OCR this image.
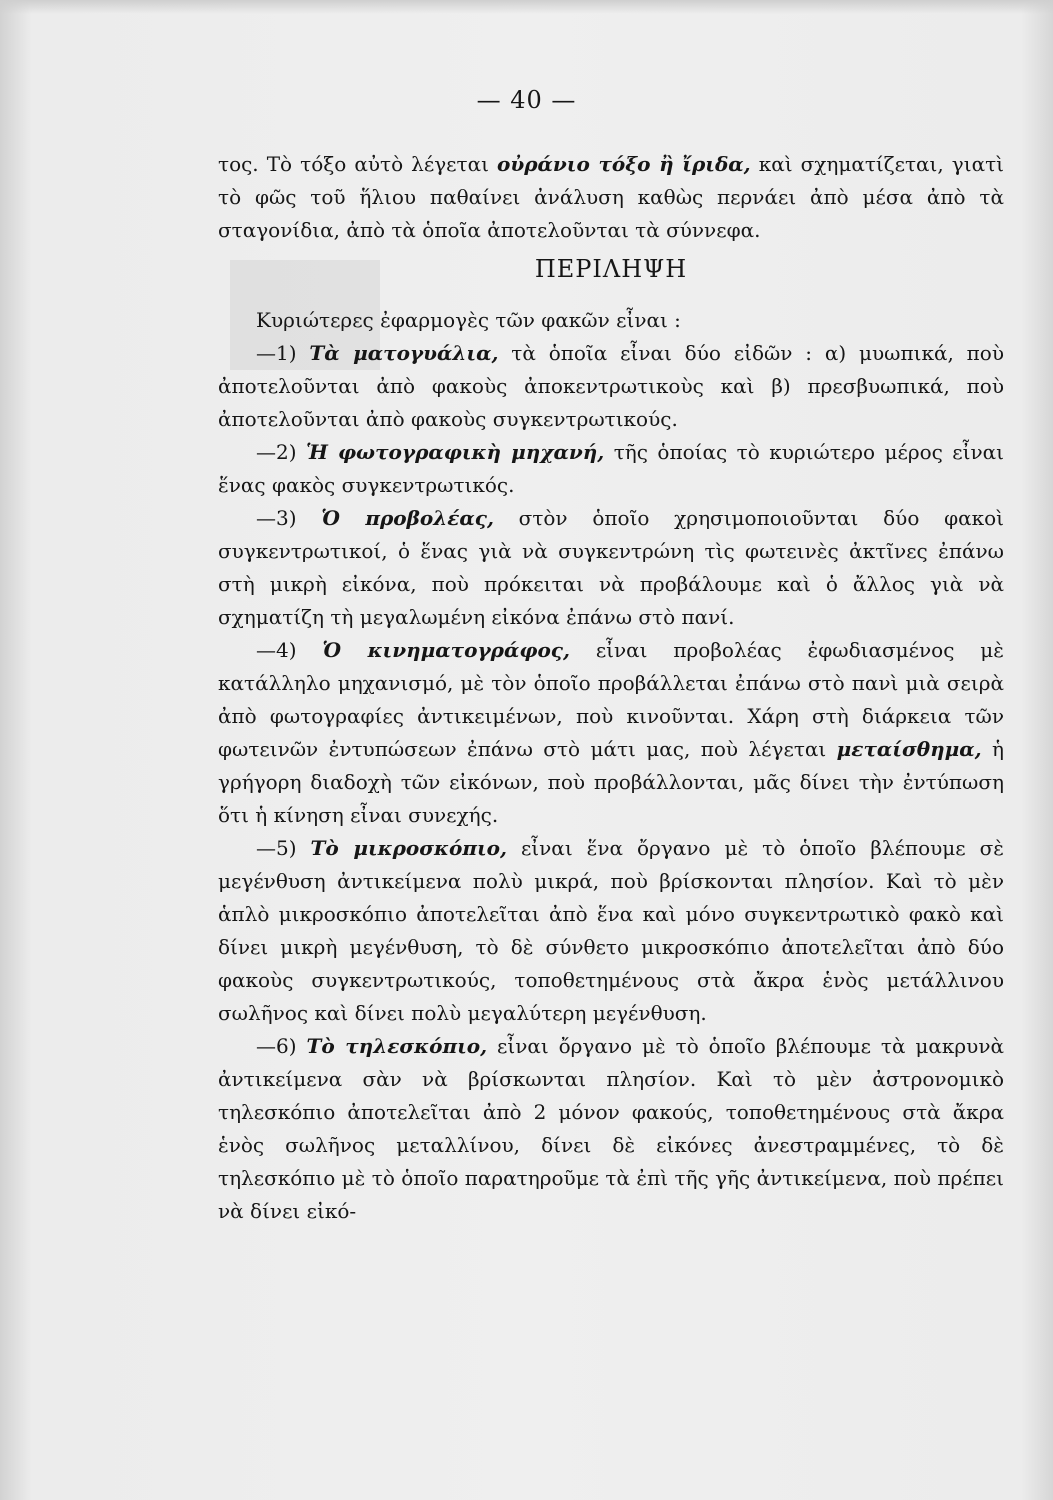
— 40 —

τος. Τὸ τόξο αὐτὸ λέγεται οὐράνιο τόξο ἢ ἴριδα, καὶ σχηματίζεται, γιατὶ τὸ φῶς τοῦ ἥλιου παθαίνει ἀνάλυση καθὼς περνάει ἀπὸ μέσα ἀπὸ τὰ σταγονίδια, ἀπὸ τὰ ὁποῖα ἀποτελοῦνται τὰ σύννεφα.

ΠΕΡΙΛΗΨΗ

Κυριώτερες ἐφαρμογὲς τῶν φακῶν εἶναι :

—1) Τὰ ματογυάλια, τὰ ὁποῖα εἶναι δύο εἰδῶν : α) μυωπικά, ποὺ ἀποτελοῦνται ἀπὸ φακοὺς ἀποκεντρωτικοὺς καὶ β) πρεσβυωπικά, ποὺ ἀποτελοῦνται ἀπὸ φακοὺς συγκεντρωτικούς.

—2) Ἡ φωτογραφικὴ μηχανή, τῆς ὁποίας τὸ κυριώτερο μέρος εἶναι ἕνας φακὸς συγκεντρωτικός.

—3) Ὁ προβολέας, στὸν ὁποῖο χρησιμοποιοῦνται δύο φακοὶ συγκεντρωτικοί, ὁ ἕνας γιὰ νὰ συγκεντρώνη τὶς φωτεινὲς ἀκτῖνες ἐπάνω στὴ μικρὴ εἰκόνα, ποὺ πρόκειται νὰ προβάλουμε καὶ ὁ ἄλλος γιὰ νὰ σχηματίζη τὴ μεγαλωμένη εἰκόνα ἐπάνω στὸ πανί.

—4) Ὁ κινηματογράφος, εἶναι προβολέας ἐφωδιασμένος μὲ κατάλληλο μηχανισμό, μὲ τὸν ὁποῖο προβάλλεται ἐπάνω στὸ πανὶ μιὰ σειρὰ ἀπὸ φωτογραφίες ἀντικειμένων, ποὺ κινοῦνται. Χάρη στὴ διάρκεια τῶν φωτεινῶν ἐντυπώσεων ἐπάνω στὸ μάτι μας, ποὺ λέγεται μεταίσθημα, ἡ γρήγορη διαδοχὴ τῶν εἰκόνων, ποὺ προβάλλονται, μᾶς δίνει τὴν ἐντύπωση ὅτι ἡ κίνηση εἶναι συνεχής.

—5) Τὸ μικροσκόπιο, εἶναι ἕνα ὄργανο μὲ τὸ ὁποῖο βλέπουμε σὲ μεγένθυση ἀντικείμενα πολὺ μικρά, ποὺ βρίσκονται πλησίον. Καὶ τὸ μὲν ἁπλὸ μικροσκόπιο ἀποτελεῖται ἀπὸ ἕνα καὶ μόνο συγκεντρωτικὸ φακὸ καὶ δίνει μικρὴ μεγένθυση, τὸ δὲ σύνθετο μικροσκόπιο ἀποτελεῖται ἀπὸ δύο φακοὺς συγκεντρωτικούς, τοποθετημένους στὰ ἄκρα ἑνὸς μετάλλινου σωλῆνος καὶ δίνει πολὺ μεγαλύτερη μεγένθυση.

—6) Τὸ τηλεσκόπιο, εἶναι ὄργανο μὲ τὸ ὁποῖο βλέπουμε τὰ μακρυνὰ ἀντικείμενα σὰν νὰ βρίσκωνται πλησίον. Καὶ τὸ μὲν ἀστρονομικὸ τηλεσκόπιο ἀποτελεῖται ἀπὸ 2 μόνον φακούς, τοποθετημένους στὰ ἄκρα ἑνὸς σωλῆνος μεταλλίνου, δίνει δὲ εἰκόνες ἀνεστραμμένες, τὸ δὲ τηλεσκόπιο μὲ τὸ ὁποῖο παρατηροῦμε τὰ ἐπὶ τῆς γῆς ἀντικείμενα, ποὺ πρέπει νὰ δίνει εἰκό-
